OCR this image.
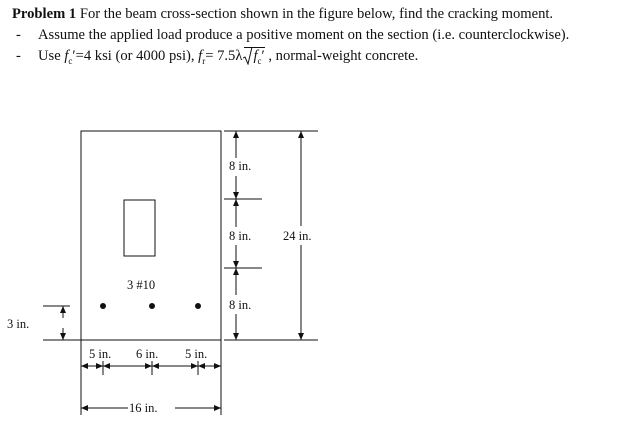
Problem 1 For the beam cross-section shown in the figure below, find the cracking moment.
- Assume the applied load produce a positive moment on the section (i.e. counterclockwise).
- Use $f_c'=4$ ksi (or 4000 psi), $f_r= 7.5\lambda$ $f_c'$ , normal-weight concrete.
3 #10
8 in.
8 in.
8 in.
24 in.
3 in.
5 in. 6 in. 5 in.
16 in.
